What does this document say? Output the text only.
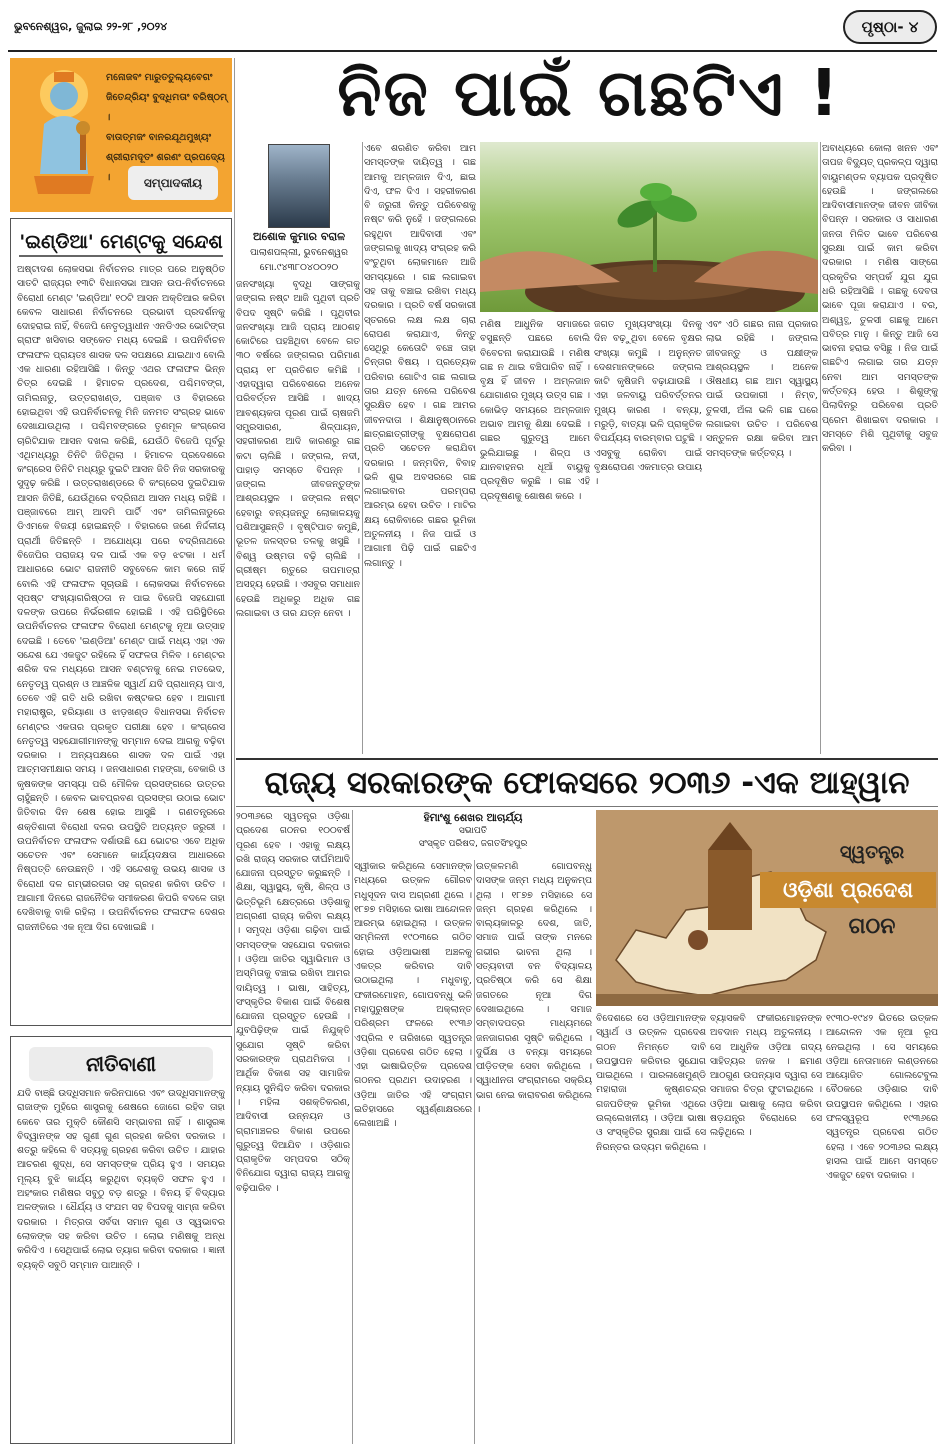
ଭୁବନେଶ୍ୱର, ଜୁଲାଇ ୨୨-୨୮ ,୨୦୨୪	ପୃଷ୍ଠା- ୪
ମନୋଜବଂ ମାରୁତତୁଲ୍ୟବେଗଂ
ଜିତେନ୍ଦ୍ରିୟଂ ବୁଦ୍ଧିମତାଂ ବରିଷ୍ଠମ୍ ।
ବାତାତ୍ମଜଂ ବାନରଯୂଥମୁଖ୍ୟଂ
ଶ୍ରୀରାମଦୂତଂ ଶରଣଂ ପ୍ରପଦ୍ୟେ ।	ସମ୍ପାଦକୀୟ
ନିଜ ପାଇଁ ଗଛଟିଏ !
'ଇଣ୍ଡିଆ' ମେଣ୍ଟକୁ ସନ୍ଦେଶ
ଅଷ୍ଟାଦଶ ଲୋକସଭା ନିର୍ବାଚନର ମାତ୍ର ପରେ ଅନୁଷ୍ଠିତ ସାତଟି ରାଜ୍ୟର ୧୩ଟି ବିଧାନସଭା ଆସନ ଉପ-ନିର୍ବାଚନରେ ବିରୋଧୀ ମେଣ୍ଟ 'ଇଣ୍ଡିଆ' ୧୦ଟି ଆସନ ଅକ୍ତିଆର କରିବା କେବଳ ସାଧାରଣ ନିର୍ବାଚନରେ ପ୍ରଭାବୀ ପ୍ରଦର୍ଶନକୁ ଦୋହରାଇ ନାହିଁ, ବିଜେପି ନେତୃତ୍ୱାଧୀନ ଏନଡିଏର ଭୋଟିଙ୍ଗ ଗ୍ରାଫ ଖସିବାର ସଙ୍କେତ ମଧ୍ୟ ଦେଇଛି । ଉପନିର୍ବାଚନ ଫଳାଫଳ ପ୍ରାୟତଃ ଶାସକ ଦଳ ସପକ୍ଷରେ ଯାଇଥାଏ ବୋଲି ଏକ ଧାରଣା ରହିଆସିଛି । କିନ୍ତୁ ଏଥର ଫଳାଫଳ ଭିନ୍ନ ଚିତ୍ର ଦେଇଛି । ହିମାଚଳ ପ୍ରଦେଶ, ପଶ୍ଚିମବଙ୍ଗ, ତାମିଲନାଡୁ, ଉତ୍ତରାଖଣ୍ଡ, ପଞ୍ଜାବ ଓ ବିହାରରେ ହୋଇଥିବା ଏହି ଉପନିର୍ବାଚନକୁ ମିନି ଜନମତ ସଂଗ୍ରହ ଭାବେ ଦେଖାଯାଉଥିଲା । ପଶ୍ଚିମବଙ୍ଗରେ ତୃଣମୂଳ କଂଗ୍ରେସ ଚାରିଟିଯାକ ଆସନ ଦଖଲ କରିଛି, ଯେଉଁଠି ବିଜେପି ପୂର୍ବରୁ ଏଥିମଧ୍ୟରୁ ତିନିଟି ଜିତିଥିଲା । ହିମାଚଳ ପ୍ରଦେଶରେ କଂଗ୍ରେସ ତିନିଟି ମଧ୍ୟରୁ ଦୁଇଟି ଆସନ ଜିତି ନିଜ ସରକାରକୁ ସୁଦୃଢ଼ କରିଛି । ଉତ୍ତରାଖଣ୍ଡରେ ବି କଂଗ୍ରେସ ଦୁଇଟିଯାକ ଆସନ ଜିତିଛି, ଯେଉଁଥିରେ ବଦ୍ରିନାଥ ଆସନ ମଧ୍ୟ ରହିଛି । ପଞ୍ଜାବରେ ଆମ୍ ଆଦମି ପାର୍ଟି ଏବଂ ତାମିଲନାଡୁରେ ଡିଏମକେ ବିଜୟୀ ହୋଇଛନ୍ତି । ବିହାରରେ ଜଣେ ନିର୍ଦ୍ଦଳୀୟ ପ୍ରାର୍ଥୀ ଜିତିଛନ୍ତି । ଅଯୋଧ୍ୟା ପରେ ବଦ୍ରିନାଥରେ ବିଜେପିର ପରାଜୟ ଦଳ ପାଇଁ ଏକ ବଡ଼ ଝଟକା । ଧର୍ମ ଆଧାରରେ ଭୋଟ ରାଜନୀତି ସବୁବେଳେ କାମ କରେ ନାହିଁ ବୋଲି ଏହି ଫଳାଫଳ ସୂଚାଉଛି । ଲୋକସଭା ନିର୍ବାଚନରେ ସ୍ପଷ୍ଟ ସଂଖ୍ୟାଗରିଷ୍ଠତା ନ ପାଇ ବିଜେପି ସହଯୋଗୀ ଦଳଙ୍କ ଉପରେ ନିର୍ଭରଶୀଳ ହୋଇଛି । ଏହି ପରିସ୍ଥିତିରେ ଉପନିର୍ବାଚନର ଫଳାଫଳ ବିରୋଧୀ ମେଣ୍ଟକୁ ନୂଆ ଉତ୍ସାହ ଦେଇଛି । ତେବେ 'ଇଣ୍ଡିଆ' ମେଣ୍ଟ ପାଇଁ ମଧ୍ୟ ଏହା ଏକ ସନ୍ଦେଶ ଯେ ଏକଜୁଟ ରହିଲେ ହିଁ ସଫଳତା ମିଳିବ । ମେଣ୍ଟର ଶରିକ ଦଳ ମଧ୍ୟରେ ଆସନ ବଣ୍ଟନକୁ ନେଇ ମତଭେଦ, ନେତୃତ୍ୱ ପ୍ରଶ୍ନ ଓ ଆଞ୍ଚଳିକ ସ୍ୱାର୍ଥ ଯଦି ପ୍ରାଧାନ୍ୟ ପାଏ, ତେବେ ଏହି ଗତି ଧରି ରଖିବା କଷ୍ଟକର ହେବ । ଆଗାମୀ ମହାରାଷ୍ଟ୍ର, ହରିୟାଣା ଓ ଝାଡ଼ଖଣ୍ଡ ବିଧାନସଭା ନିର୍ବାଚନ ମେଣ୍ଟର ଏକତାର ପ୍ରକୃତ ପରୀକ୍ଷା ହେବ । କଂଗ୍ରେସ ନେତୃତ୍ୱ ସହଯୋଗୀମାନଙ୍କୁ ସମ୍ମାନ ଦେଇ ଆଗକୁ ବଢ଼ିବା ଦରକାର । ଅନ୍ୟପକ୍ଷରେ ଶାସକ ଦଳ ପାଇଁ ଏହା ଆତ୍ମସମୀକ୍ଷାର ସମୟ । ଜନସାଧାରଣ ମହଙ୍ଗା, ବେକାରି ଓ କୃଷକଙ୍କ ସମସ୍ୟା ପରି ମୌଳିକ ପ୍ରସଙ୍ଗରେ ଉତ୍ତର ଚାହୁଁଛନ୍ତି । କେବଳ ଭାବପ୍ରବଣ ପ୍ରସଙ୍ଗ ଉଠାଇ ଭୋଟ ଜିତିବାର ଦିନ ଶେଷ ହୋଇ ଆସୁଛି । ଗଣତନ୍ତ୍ରରେ ଶକ୍ତିଶାଳୀ ବିରୋଧୀ ଦଳର ଉପସ୍ଥିତି ଅତ୍ୟନ୍ତ ଜରୁରୀ । ଉପନିର୍ବାଚନ ଫଳାଫଳ ଦର୍ଶାଉଛି ଯେ ଭୋଟର ଏବେ ଅଧିକ ସଚେତନ ଏବଂ ସେମାନେ କାର୍ଯ୍ୟଦକ୍ଷତା ଆଧାରରେ ନିଷ୍ପତ୍ତି ନେଉଛନ୍ତି । ଏହି ସନ୍ଦେଶକୁ ଉଭୟ ଶାସକ ଓ ବିରୋଧୀ ଦଳ ଗମ୍ଭୀରତାର ସହ ଗ୍ରହଣ କରିବା ଉଚିତ । ଆଗାମୀ ଦିନରେ ରାଜନୈତିକ ସମୀକରଣ କିପରି ବଦଳେ ତାହା ଦେଖିବାକୁ ବାକି ରହିଲା । ଉପନିର୍ବାଚନର ଫଳାଫଳ ଦେଶର ରାଜନୀତିରେ ଏକ ନୂଆ ଦିଗ ଦେଖାଇଛି ।
ନୀତିବାଣୀ
ଯଦି ବାଞ୍ଛି ଉଦ୍ଧିସମାନ କରିନପାରେ ଏବଂ ଉଦ୍ଧିସମାନଙ୍କୁ ରାଜାଙ୍କ ମୁହଁରେ ଶାସ୍ତ୍ରକୁ ଶେଷରେ ଜୋଗେ ରହିବ ତାହା କେବେ ତାର ମୁକ୍ତି କୌଣସି ସମ୍ଭାବନା ନାହିଁ । ଶାସ୍ତ୍ରଜ୍ଞ ବିଦ୍ୱାନଙ୍କ ସହ ଗୁଣୀ ଗୁଣ ଗ୍ରହଣ କରିବା ଦରକାର । ଶତ୍ରୁ କହିଲେ ବି ସତ୍ୟକୁ ଗ୍ରହଣ କରିବା ଉଚିତ । ଯାହାର ଆଚରଣ ଶୁଦ୍ଧ, ସେ ସମସ୍ତଙ୍କ ପ୍ରିୟ ହୁଏ । ସମୟର ମୂଲ୍ୟ ବୁଝି କାର୍ଯ୍ୟ କରୁଥିବା ବ୍ୟକ୍ତି ସଫଳ ହୁଏ । ଅହଂକାର ମଣିଷର ସବୁଠୁ ବଡ଼ ଶତ୍ରୁ । ବିନୟ ହିଁ ବିଦ୍ୟାର ଅଳଙ୍କାର । ଧୈର୍ଯ୍ୟ ଓ ସଂଯମ ସହ ବିପଦକୁ ସାମ୍ନା କରିବା ଦରକାର । ମିତ୍ରତା ସର୍ବଦା ସମାନ ଗୁଣ ଓ ସ୍ୱଭାବର ଲୋକଙ୍କ ସହ କରିବା ଉଚିତ । ଲୋଭ ମଣିଷକୁ ଅନ୍ଧ କରିଦିଏ । ସେଥିପାଇଁ ଲୋଭ ତ୍ୟାଗ କରିବା ଦରକାର । ଜ୍ଞାନୀ ବ୍ୟକ୍ତି ସବୁଠି ସମ୍ମାନ ପାଆନ୍ତି ।
ଅଶୋକ କୁମାର ବରାଳ
ପାଲାଶପଲ୍ଲୀ, ଭୁବନେଶ୍ୱର
ମୋ.୯୪୩୮୦୪୦୦୨୦
ଜନସଂଖ୍ୟା ବୃଦ୍ଧି ସାଙ୍ଗକୁ ଜଙ୍ଗଲ ନଷ୍ଟ ଆଜି ପୃଥିବୀ ପ୍ରତି ବିପଦ ସୃଷ୍ଟି କରିଛି । ପୃଥିବୀର ଜନସଂଖ୍ୟା ଆଜି ପ୍ରାୟ ଆଠଶହ କୋଟିରେ ପହଞ୍ଚିଥିବା ବେଳେ ଗତ ୩୦ ବର୍ଷରେ ଜଙ୍ଗଲର ପରିମାଣ ପ୍ରାୟ ୧୮ ପ୍ରତିଶତ କମିଛି । ଏହାଦ୍ୱାରା ପରିବେଶରେ ଅନେକ ପରିବର୍ତ୍ତନ ଆସିଛି । ଖାଦ୍ୟ ଆବଶ୍ୟକତା ପୂରଣ ପାଇଁ ଚାଷଜମି ସମ୍ପ୍ରସାରଣ, ଶିଳ୍ପାୟନ, ସହରୀକରଣ ଆଦି କାରଣରୁ ଗଛ କଟା ଚାଲିଛି । ଜଙ୍ଗଲ, ନଦୀ, ପାହାଡ଼ ସମସ୍ତେ ବିପନ୍ନ । ଜଙ୍ଗଲ ଜୀବଜନ୍ତୁଙ୍କ ଆଶ୍ରୟସ୍ଥଳ । ଜଙ୍ଗଲ ନଷ୍ଟ ହେବାରୁ ବନ୍ୟଜନ୍ତୁ ଲୋକାଳୟକୁ ପଶିଆସୁଛନ୍ତି । ବୃଷ୍ଟିପାତ କମୁଛି, ଭୂତଳ ଜଳସ୍ତର ତଳକୁ ଖସୁଛି । ବିଶ୍ୱ ଉଷ୍ମତା ବଢ଼ି ଚାଲିଛି । ଗ୍ରୀଷ୍ମ ଋତୁରେ ତାପମାତ୍ରା ଅସହ୍ୟ ହେଉଛି । ଏସବୁର ସମାଧାନ ହେଉଛି ଅଧିକରୁ ଅଧିକ ଗଛ ଲଗାଇବା ଓ ତାର ଯତ୍ନ ନେବା ।
ଏବେ ଶରଣିତ କରିବା ଆମ ସମସ୍ତଙ୍କ ଦାୟିତ୍ୱ । ଗଛ ଆମକୁ ଅମ୍ଳଜାନ ଦିଏ, ଛାଇ ଦିଏ, ଫଳ ଦିଏ । ସହରୀକରଣ ବି ଜରୁରୀ କିନ୍ତୁ ପରିବେଶକୁ ନଷ୍ଟ କରି ନୁହେଁ । ଜଙ୍ଗଲରେ ରହୁଥିବା ଆଦିବାସୀ ଏବଂ ଜଙ୍ଗଲକୁ ଖାଦ୍ୟ ସଂଗ୍ରହ କରି ବଂଚୁଥିବା ଲୋକମାନେ ଆଜି ସମସ୍ୟାରେ । ଗଛ ଲଗାଇବା ସହ ତାକୁ ବଞ୍ଚାଇ ରଖିବା ମଧ୍ୟ ଦରକାର । ପ୍ରତି ବର୍ଷ ସରକାରୀ ସ୍ତରରେ ଲକ୍ଷ ଲକ୍ଷ ଚାରା ରୋପଣ କରାଯାଏ, କିନ୍ତୁ ସେଥିରୁ କେତୋଟି ବଞ୍ଚେ ତାହା ଚିନ୍ତାର ବିଷୟ । ପ୍ରତ୍ୟେକ ପରିବାର ଗୋଟିଏ ଗଛ ଲଗାଇ ତାର ଯତ୍ନ ନେଲେ ପରିବେଶ ସୁରକ୍ଷିତ ହେବ । ଗଛ ଆମର ଜୀବନଦାତା । ଶିକ୍ଷାନୁଷ୍ଠାନରେ ଛାତ୍ରଛାତ୍ରୀଙ୍କୁ ବୃକ୍ଷରୋପଣ ପ୍ରତି ସଚେତନ କରାଯିବା ଦରକାର । ଜନ୍ମଦିନ, ବିବାହ ଭଳି ଶୁଭ ଅବସରରେ ଗଛ ଲଗାଇବାର ପରମ୍ପରା ଆରମ୍ଭ ହେବା ଉଚିତ । ମାଟିର କ୍ଷୟ ରୋକିବାରେ ଗଛର ଭୂମିକା ଅତୁଳନୀୟ । ନିଜ ପାଇଁ ଓ ଆଗାମୀ ପିଢ଼ି ପାଇଁ ଗଛଟିଏ ଲଗାନ୍ତୁ ।
ମଣିଷ ଆଧୁନିକ ସମାଜରେ ବସୁଛନ୍ତି ପଛରେ ବୋଲି ବିବେଚନା କରାଯାଉଛି । ମଣିଷ ଗଛ ନ ଥାଇ ବଞ୍ଚିପାରିବ ନାହିଁ । ବୃକ୍ଷ ହିଁ ଜୀବନ । ଅମ୍ଳଜାନ ଯୋଗାଣର ମୁଖ୍ୟ ଉତ୍ସ ଗଛ । କୋଭିଡ଼ ସମୟରେ ଅମ୍ଳଜାନ ଅଭାବ ଆମକୁ ଶିକ୍ଷା ଦେଇଛି । ଗଛର ଗୁରୁତ୍ୱ ଆମେ ଭୁଲିଯାଇଛୁ । ଶିଳ୍ପ ଓ ଯାନବାହନର ଧୂଆଁ ବାୟୁକୁ ପ୍ରଦୂଷିତ କରୁଛି । ଗଛ ଏହି ପ୍ରଦୂଷଣକୁ ଶୋଷଣ କରେ ।
ଜଗତ ମୁଖ୍ୟସଂଖ୍ୟା ଦିନକୁ ଦିନ ବଢ଼ୁଥିବା ବେଳେ ବୃକ୍ଷର ସଂଖ୍ୟା କମୁଛି । ଅନୁନ୍ନତ ଦେଶମାନଙ୍କରେ ଜଙ୍ଗଲ କାଟି କୃଷିଜମି ବଢ଼ାଯାଉଛି । ଏହା ଜଳବାୟୁ ପରିବର୍ତ୍ତନର ମୁଖ୍ୟ କାରଣ । ବନ୍ୟା, ମରୁଡ଼ି, ବାତ୍ୟା ଭଳି ପ୍ରାକୃତିକ ବିପର୍ଯ୍ୟୟ ବାରମ୍ବାର ଘଟୁଛି । ଏସବୁକୁ ରୋକିବା ପାଇଁ ବୃକ୍ଷରୋପଣ ଏକମାତ୍ର ଉପାୟ ।
ଏବଂ ଏଠି ଗଛର ନାନା ପ୍ରକାର ଲାଭ ରହିଛି । ଜଙ୍ଗଲ ଜୀବଜନ୍ତୁ ଓ ପକ୍ଷୀଙ୍କ ଆଶ୍ରୟସ୍ଥଳ । ଅନେକ ଔଷଧୀୟ ଗଛ ଆମ ସ୍ୱାସ୍ଥ୍ୟ ପାଇଁ ଉପକାରୀ । ନିମ୍ବ, ତୁଳସୀ, ଅଁଳା ଭଳି ଗଛ ଘରେ ଲଗାଇବା ଉଚିତ । ପରିବେଶ ସନ୍ତୁଳନ ରକ୍ଷା କରିବା ଆମ ସମସ୍ତଙ୍କ କର୍ତ୍ତବ୍ୟ ।
ଅବାଧ୍ୟରେ କୋଲା ଖନନ ଏବଂ ତାପଜ ବିଦ୍ୟୁତ୍ ପ୍ରକଳ୍ପ ଦ୍ୱାରା ବାୟୁମଣ୍ଡଳ ବ୍ୟାପକ ପ୍ରଦୂଷିତ ହେଉଛି । ଜଙ୍ଗଲରେ ଆଦିବାସୀମାନଙ୍କ ଜୀବନ ଜୀବିକା ବିପନ୍ନ । ସରକାର ଓ ସାଧାରଣ ଜନତା ମିଳିତ ଭାବେ ପରିବେଶ ସୁରକ୍ଷା ପାଇଁ କାମ କରିବା ଦରକାର । ମଣିଷ ସାଙ୍ଗେ ପ୍ରକୃତିର ସମ୍ପର୍କ ଯୁଗ ଯୁଗ ଧରି ରହିଆସିଛି । ଗଛକୁ ଦେବତା ଭାବେ ପୂଜା କରାଯାଏ । ବର, ଅଶ୍ୱତ୍ଥ, ତୁଳସୀ ଗଛକୁ ଆମେ ପବିତ୍ର ମାନୁ । କିନ୍ତୁ ଆଜି ସେ ଭାବନା ହରାଇ ବସିଛୁ । ନିଜ ପାଇଁ ଗଛଟିଏ ଲଗାଇ ତାର ଯତ୍ନ ନେବା ଆମ ସମସ୍ତଙ୍କ କର୍ତ୍ତବ୍ୟ ହେଉ । ଶିଶୁଙ୍କୁ ପିଲାଦିନରୁ ପରିବେଶ ପ୍ରତି ପ୍ରେମ ଶିଖାଇବା ଦରକାର । ସମସ୍ତେ ମିଶି ପୃଥିବୀକୁ ସବୁଜ କରିବା ।
ରାଜ୍ୟ ସରକାରଙ୍କ ଫୋକସରେ ୨୦୩୬ -ଏକ ଆହ୍ୱାନ
୨୦୩୬ରେ ସ୍ୱତନ୍ତ୍ର ଓଡ଼ିଶା ପ୍ରଦେଶ ଗଠନର ୧୦୦ବର୍ଷ ପୂରଣ ହେବ । ଏହାକୁ ଲକ୍ଷ୍ୟ ରଖି ରାଜ୍ୟ ସରକାର ଦୀର୍ଘମିଆଦି ଯୋଜନା ପ୍ରସ୍ତୁତ କରୁଛନ୍ତି । ଶିକ୍ଷା, ସ୍ୱାସ୍ଥ୍ୟ, କୃଷି, ଶିଳ୍ପ ଓ ଭିତ୍ତିଭୂମି କ୍ଷେତ୍ରରେ ଓଡ଼ିଶାକୁ ଅଗ୍ରଣୀ ରାଜ୍ୟ କରିବା ଲକ୍ଷ୍ୟ । ସମୃଦ୍ଧ ଓଡ଼ିଶା ଗଢ଼ିବା ପାଇଁ ସମସ୍ତଙ୍କ ସହଯୋଗ ଦରକାର । ଓଡ଼ିଆ ଜାତିର ସ୍ୱାଭିମାନ ଓ ଅସ୍ମିତାକୁ ବଞ୍ଚାଇ ରଖିବା ଆମର ଦାୟିତ୍ୱ । ଭାଷା, ସାହିତ୍ୟ, ସଂସ୍କୃତିର ବିକାଶ ପାଇଁ ବିଶେଷ ଯୋଜନା ପ୍ରସ୍ତୁତ ହେଉଛି । ଯୁବପିଢ଼ିଙ୍କ ପାଇଁ ନିଯୁକ୍ତି ସୁଯୋଗ ସୃଷ୍ଟି କରିବା ସରକାରଙ୍କ ପ୍ରାଥମିକତା । ଆର୍ଥିକ ବିକାଶ ସହ ସାମାଜିକ ନ୍ୟାୟ ସୁନିଶ୍ଚିତ କରିବା ଦରକାର । ମହିଳା ସଶକ୍ତିକରଣ, ଆଦିବାସୀ ଉନ୍ନୟନ ଓ ଗ୍ରାମାଞ୍ଚଳର ବିକାଶ ଉପରେ ଗୁରୁତ୍ୱ ଦିଆଯିବ । ଓଡ଼ିଶାର ପ୍ରାକୃତିକ ସମ୍ପଦର ସଠିକ୍ ବିନିଯୋଗ ଦ୍ୱାରା ରାଜ୍ୟ ଆଗକୁ ବଢ଼ିପାରିବ ।
ହିମାଂଶୁ ଶେଖର ଆଚାର୍ଯ୍ୟ
ସଭାପତି
ସଂସ୍କୃତ ପରିଷଦ, ଜଗତସିଂହପୁର
ସ୍ୱୀକାର କରିଥିଲେ ସେମାନଙ୍କ ମଧ୍ୟରେ ଉତ୍କଳ ଗୌରବ ମଧୁସୂଦନ ଦାସ ଅଗ୍ରଣୀ ଥିଲେ । ୧୮୭୭ ମସିହାରେ ଭାଷା ଆନ୍ଦୋଳନ ଆରମ୍ଭ ହୋଇଥିଲା । ଉତ୍କଳ ସମ୍ମିଳନୀ ୧୯୦୩ରେ ଗଠିତ ହୋଇ ଓଡ଼ିଆଭାଷୀ ଅଞ୍ଚଳକୁ ଏକତ୍ର କରିବାର ଦାବି ଉଠାଇଥିଲା । ମଧୁବାବୁ, ଫକୀରମୋହନ, ଗୋପବନ୍ଧୁ ଭଳି ମହାପୁରୁଷଙ୍କ ଅକ୍ଲାନ୍ତ ପରିଶ୍ରମ ଫଳରେ ୧୯୩୬ ଏପ୍ରିଲ ୧ ତାରିଖରେ ସ୍ୱତନ୍ତ୍ର ଓଡ଼ିଶା ପ୍ରଦେଶ ଗଠିତ ହେଲା । ଏହା ଭାଷାଭିତ୍ତିକ ପ୍ରଦେଶ ଗଠନର ପ୍ରଥମ ଉଦାହରଣ । ଓଡ଼ିଆ ଜାତିର ଏହି ସଂଗ୍ରାମ ଇତିହାସରେ ସ୍ୱର୍ଣ୍ଣାକ୍ଷରରେ ଲେଖାଅଛି ।
ଉତ୍କଳମଣି ଗୋପବନ୍ଧୁ ଦାସଙ୍କ ଜନ୍ମ ମଧ୍ୟ ଅନୁକମ୍ପ ଥିଲା । ୧୮୭୭ ମସିହାରେ ସେ ଜନ୍ମ ଗ୍ରହଣ କରିଥିଲେ । ବାଲ୍ୟକାଳରୁ ଦେଶ, ଜାତି, ସମାଜ ପାଇଁ ତାଙ୍କ ମନରେ ଗଭୀର ଭାବନା ଥିଲା । ସତ୍ୟବାଦୀ ବନ ବିଦ୍ୟାଳୟ ପ୍ରତିଷ୍ଠା କରି ସେ ଶିକ୍ଷା ଜଗତରେ ନୂଆ ଦିଗ ଦେଖାଇଥିଲେ । ସମାଜ ସମ୍ବାଦପତ୍ର ମାଧ୍ୟମରେ ଜନଜାଗରଣ ସୃଷ୍ଟି କରିଥିଲେ । ଦୁର୍ଭିକ୍ଷ ଓ ବନ୍ୟା ସମୟରେ ପୀଡ଼ିତଙ୍କ ସେବା କରିଥିଲେ । ସ୍ୱାଧୀନତା ସଂଗ୍ରାମରେ ସକ୍ରିୟ ଭାଗ ନେଇ କାରାବରଣ କରିଥିଲେ ।
ସ୍ୱତନ୍ତ୍ର
ଓଡ଼ିଶା ପ୍ରଦେଶ
ଗଠନ
ବିଦେଶରେ ସେ ଓଡ଼ିଆମାନଙ୍କ ସ୍ୱାର୍ଥ ଓ ଉତ୍କଳ ପ୍ରଦେଶ ଗଠନ ନିମନ୍ତେ ଦାବି ଉପସ୍ଥାପନ କରିବାର ସୁଯୋଗ ପାଇଥିଲେ । ପାରଳାଖେମୁଣ୍ଡି ମହାରାଜା କୃଷ୍ଣଚନ୍ଦ୍ର ଗଜପତିଙ୍କ ଭୂମିକା ଏଥିରେ ଉଲ୍ଲେଖନୀୟ । ଓଡ଼ିଆ ଭାଷା ଓ ସଂସ୍କୃତିର ସୁରକ୍ଷା ପାଇଁ ସେ ନିରନ୍ତର ଉଦ୍ୟମ କରିଥିଲେ ।
ବ୍ୟାସକବି ଫକୀରମୋହନଙ୍କ ଅବଦାନ ମଧ୍ୟ ଅତୁଳନୀୟ । ସେ ଆଧୁନିକ ଓଡ଼ିଆ ଗଦ୍ୟ ସାହିତ୍ୟର ଜନକ । ଛମାଣ ଆଠଗୁଣ ଉପନ୍ୟାସ ଦ୍ୱାରା ସେ ସମାଜର ଚିତ୍ର ଫୁଟାଇଥିଲେ । ଓଡ଼ିଆ ଭାଷାକୁ ଲୋପ କରିବା ଷଡ଼ଯନ୍ତ୍ର ବିରୋଧରେ ସେ ଲଢ଼ିଥିଲେ ।
୧୯୩୦-୧୯୪୨ ଭିତରେ ଉତ୍କଳ ଆନ୍ଦୋଳନ ଏକ ନୂଆ ରୂପ ନେଇଥିଲା । ସେ ସମୟରେ ଓଡ଼ିଆ ନେତାମାନେ ଲଣ୍ଡନରେ ଆୟୋଜିତ ଗୋଲଟେବୁଲ ବୈଠକରେ ଓଡ଼ିଶାର ଦାବି ଉପସ୍ଥାପନ କରିଥିଲେ । ଏହାର ଫଳସ୍ୱରୂପ ୧୯୩୬ରେ ସ୍ୱତନ୍ତ୍ର ପ୍ରଦେଶ ଗଠିତ ହେଲା । ଏବେ ୨୦୩୬ର ଲକ୍ଷ୍ୟ ହାସଲ ପାଇଁ ଆମେ ସମସ୍ତେ ଏକଜୁଟ ହେବା ଦରକାର ।
